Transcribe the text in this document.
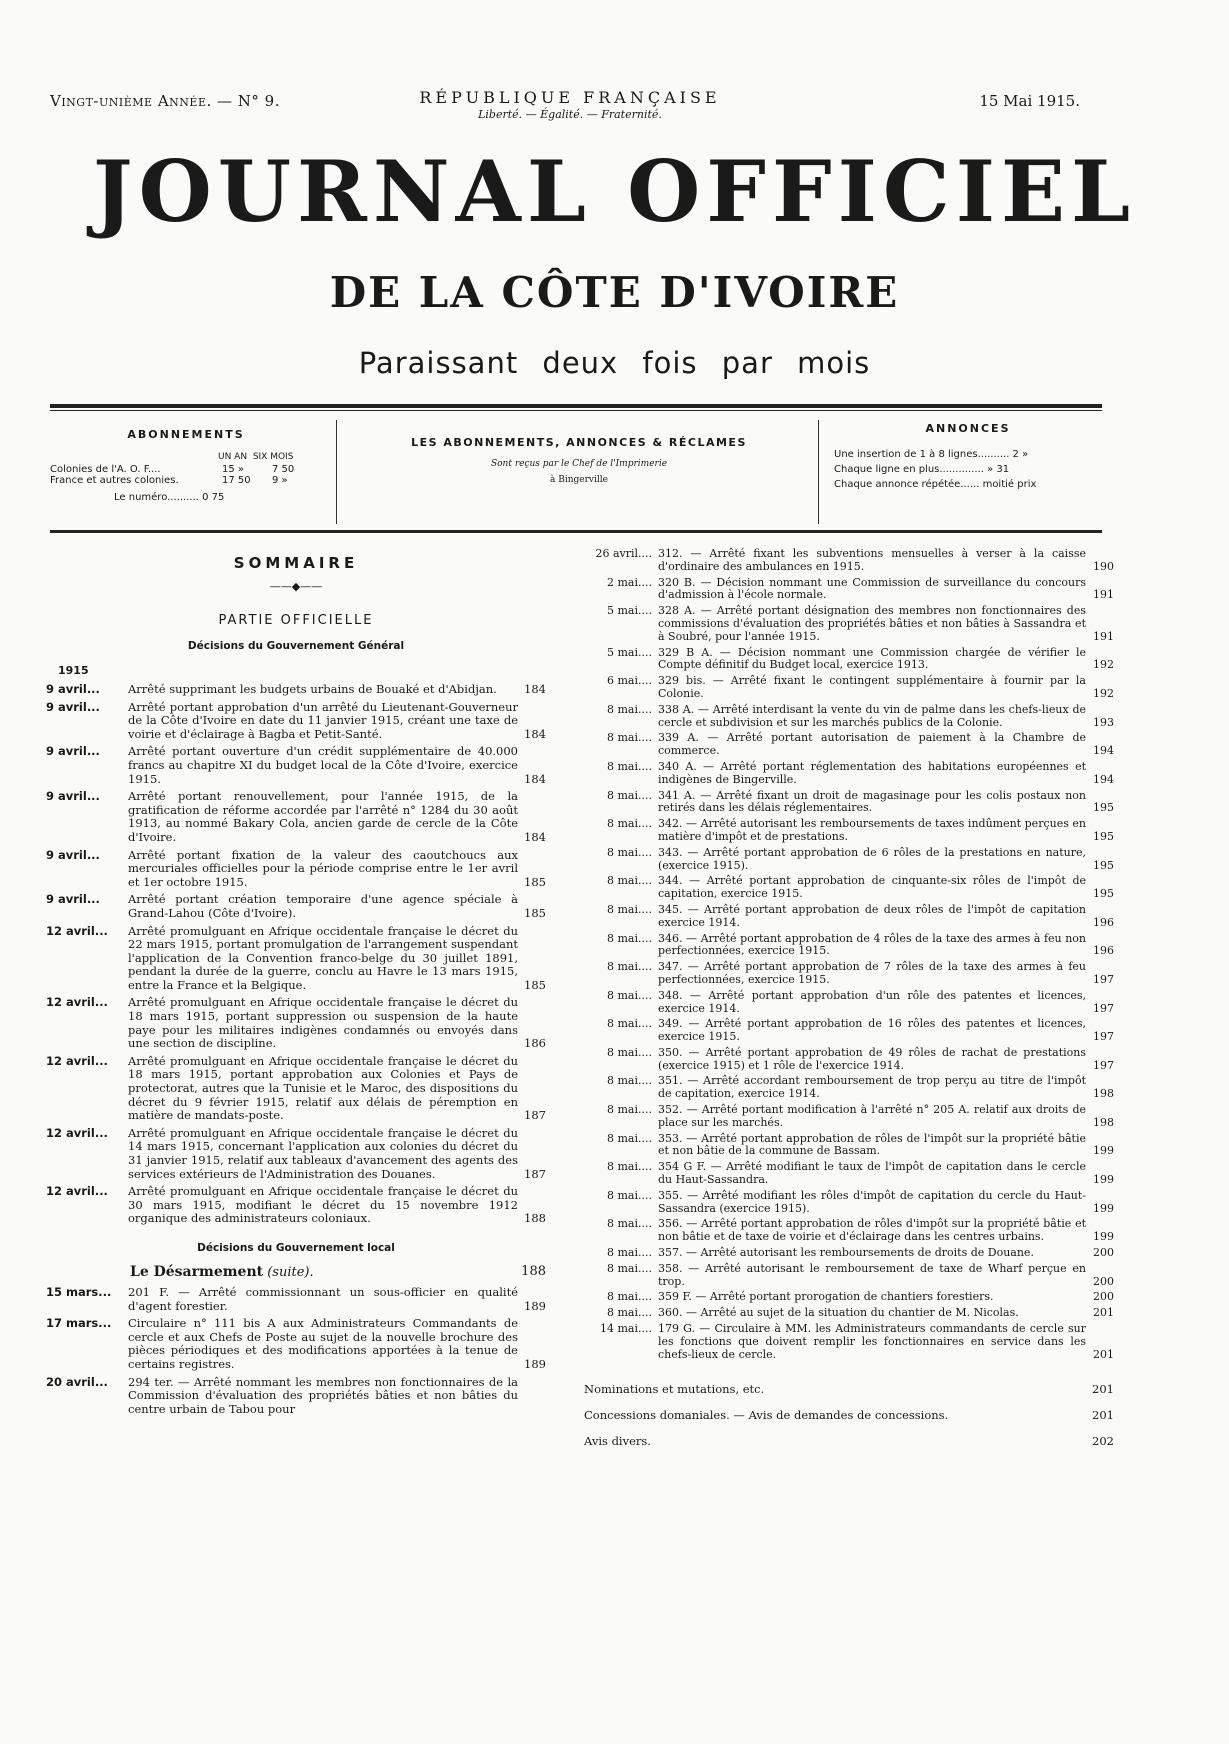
Vingt-unième Année. — N° 9.	RÉPUBLIQUE FRANÇAISE
Liberté. — Égalité. — Fraternité.
15 Mai 1915.
JOURNAL OFFICIEL
DE LA CÔTE D'IVOIRE
Paraissant deux fois par mois
ABONNEMENTS
UN AN SIX MOIS
Colonies de l'A. O. F....	15 »	7 50
France et autres colonies.	17 50	9 »
Le numéro.......... 0 75
LES ABONNEMENTS, ANNONCES & RÉCLAMES
Sont reçus par le Chef de l'Imprimerie
à Bingerville
ANNONCES
Une insertion de 1 à 8 lignes.......... 2 »
Chaque ligne en plus.............. » 31
Chaque annonce répétée...... moitié prix
SOMMAIRE
——◆——
PARTIE OFFICIELLE
Décisions du Gouvernement Général
1915
9 avril...	Arrêté supprimant les budgets urbains de Bouaké et d'Abidjan.	184
9 avril...	Arrêté portant approbation d'un arrêté du Lieutenant-Gouverneur de la Côte d'Ivoire en date du 11 janvier 1915, créant une taxe de voirie et d'éclairage à Bagba et Petit-Santé.	184
9 avril...	Arrêté portant ouverture d'un crédit supplémentaire de 40.000 francs au chapitre XI du budget local de la Côte d'Ivoire, exercice 1915.	184
9 avril...	Arrêté portant renouvellement, pour l'année 1915, de la gratification de réforme accordée par l'arrêté n° 1284 du 30 août 1913, au nommé Bakary Cola, ancien garde de cercle de la Côte d'Ivoire.	184
9 avril...	Arrêté portant fixation de la valeur des caoutchoucs aux mercuriales officielles pour la période comprise entre le 1er avril et 1er octobre 1915.	185
9 avril...	Arrêté portant création temporaire d'une agence spéciale à Grand-Lahou (Côte d'Ivoire).	185
12 avril...	Arrêté promulguant en Afrique occidentale française le décret du 22 mars 1915, portant promulgation de l'arrangement suspendant l'application de la Convention franco-belge du 30 juillet 1891, pendant la durée de la guerre, conclu au Havre le 13 mars 1915, entre la France et la Belgique.	185
12 avril...	Arrêté promulguant en Afrique occidentale française le décret du 18 mars 1915, portant suppression ou suspension de la haute paye pour les militaires indigènes condamnés ou envoyés dans une section de discipline.	186
12 avril...	Arrêté promulguant en Afrique occidentale française le décret du 18 mars 1915, portant approbation aux Colonies et Pays de protectorat, autres que la Tunisie et le Maroc, des dispositions du décret du 9 février 1915, relatif aux délais de péremption en matière de mandats-poste.	187
12 avril...	Arrêté promulguant en Afrique occidentale française le décret du 14 mars 1915, concernant l'application aux colonies du décret du 31 janvier 1915, relatif aux tableaux d'avancement des agents des services extérieurs de l'Administration des Douanes.	187
12 avril...	Arrêté promulguant en Afrique occidentale française le décret du 30 mars 1915, modifiant le décret du 15 novembre 1912 organique des administrateurs coloniaux.	188
Décisions du Gouvernement local
Le Désarmement (suite).	188
15 mars...	201 F. — Arrêté commissionnant un sous-officier en qualité d'agent forestier.	189
17 mars...	Circulaire n° 111 bis A aux Administrateurs Commandants de cercle et aux Chefs de Poste au sujet de la nouvelle brochure des pièces périodiques et des modifications apportées à la tenue de certains registres.	189
20 avril...	294 ter. — Arrêté nommant les membres non fonctionnaires de la Commission d'évaluation des propriétés bâties et non bâties du centre urbain de Tabou pour
26 avril.... 312. — Arrêté fixant les subventions mensuelles à verser à la caisse d'ordinaire des ambulances en 1915.	190
2 mai.... 320 B. — Décision nommant une Commission de surveillance du concours d'admission à l'école normale.	191
5 mai.... 328 A. — Arrêté portant désignation des membres non fonctionnaires des commissions d'évaluation des propriétés bâties et non bâties à Sassandra et à Soubré, pour l'année 1915.	191
5 mai.... 329 B A. — Décision nommant une Commission chargée de vérifier le Compte définitif du Budget local, exercice 1913.	192
6 mai.... 329 bis. — Arrêté fixant le contingent supplémentaire à fournir par la Colonie.	192
8 mai.... 338 A. — Arrêté interdisant la vente du vin de palme dans les chefs-lieux de cercle et subdivision et sur les marchés publics de la Colonie.	193
8 mai.... 339 A. — Arrêté portant autorisation de paiement à la Chambre de commerce.	194
8 mai.... 340 A. — Arrêté portant réglementation des habitations européennes et indigènes de Bingerville.	194
8 mai.... 341 A. — Arrêté fixant un droit de magasinage pour les colis postaux non retirés dans les délais réglementaires.	195
8 mai.... 342. — Arrêté autorisant les remboursements de taxes indûment perçues en matière d'impôt et de prestations.	195
8 mai.... 343. — Arrêté portant approbation de 6 rôles de la prestations en nature, (exercice 1915).	195
8 mai.... 344. — Arrêté portant approbation de cinquante-six rôles de l'impôt de capitation, exercice 1915.	195
8 mai.... 345. — Arrêté portant approbation de deux rôles de l'impôt de capitation exercice 1914.	196
8 mai.... 346. — Arrêté portant approbation de 4 rôles de la taxe des armes à feu non perfectionnées, exercice 1915.	196
8 mai.... 347. — Arrêté portant approbation de 7 rôles de la taxe des armes à feu perfectionnées, exercice 1915.	197
8 mai.... 348. — Arrêté portant approbation d'un rôle des patentes et licences, exercice 1914.	197
8 mai.... 349. — Arrêté portant approbation de 16 rôles des patentes et licences, exercice 1915.	197
8 mai.... 350. — Arrêté portant approbation de 49 rôles de rachat de prestations (exercice 1915) et 1 rôle de l'exercice 1914.	197
8 mai.... 351. — Arrêté accordant remboursement de trop perçu au titre de l'impôt de capitation, exercice 1914.	198
8 mai.... 352. — Arrêté portant modification à l'arrêté n° 205 A. relatif aux droits de place sur les marchés.	198
8 mai.... 353. — Arrêté portant approbation de rôles de l'impôt sur la propriété bâtie et non bâtie de la commune de Bassam.	199
8 mai.... 354 G F. — Arrêté modifiant le taux de l'impôt de capitation dans le cercle du Haut-Sassandra.	199
8 mai.... 355. — Arrêté modifiant les rôles d'impôt de capitation du cercle du Haut-Sassandra (exercice 1915).	199
8 mai.... 356. — Arrêté portant approbation de rôles d'impôt sur la propriété bâtie et non bâtie et de taxe de voirie et d'éclairage dans les centres urbains.	199
8 mai.... 357. — Arrêté autorisant les remboursements de droits de Douane.	200
8 mai.... 358. — Arrêté autorisant le remboursement de taxe de Wharf perçue en trop.	200
8 mai.... 359 F. — Arrêté portant prorogation de chantiers forestiers.	200
8 mai.... 360. — Arrêté au sujet de la situation du chantier de M. Nicolas.	201
14 mai.... 179 G. — Circulaire à MM. les Administrateurs commandants de cercle sur les fonctions que doivent remplir les fonctionnaires en service dans les chefs-lieux de cercle.	201
Nominations et mutations, etc.	201
Concessions domaniales. — Avis de demandes de concessions.	201
Avis divers.	202
